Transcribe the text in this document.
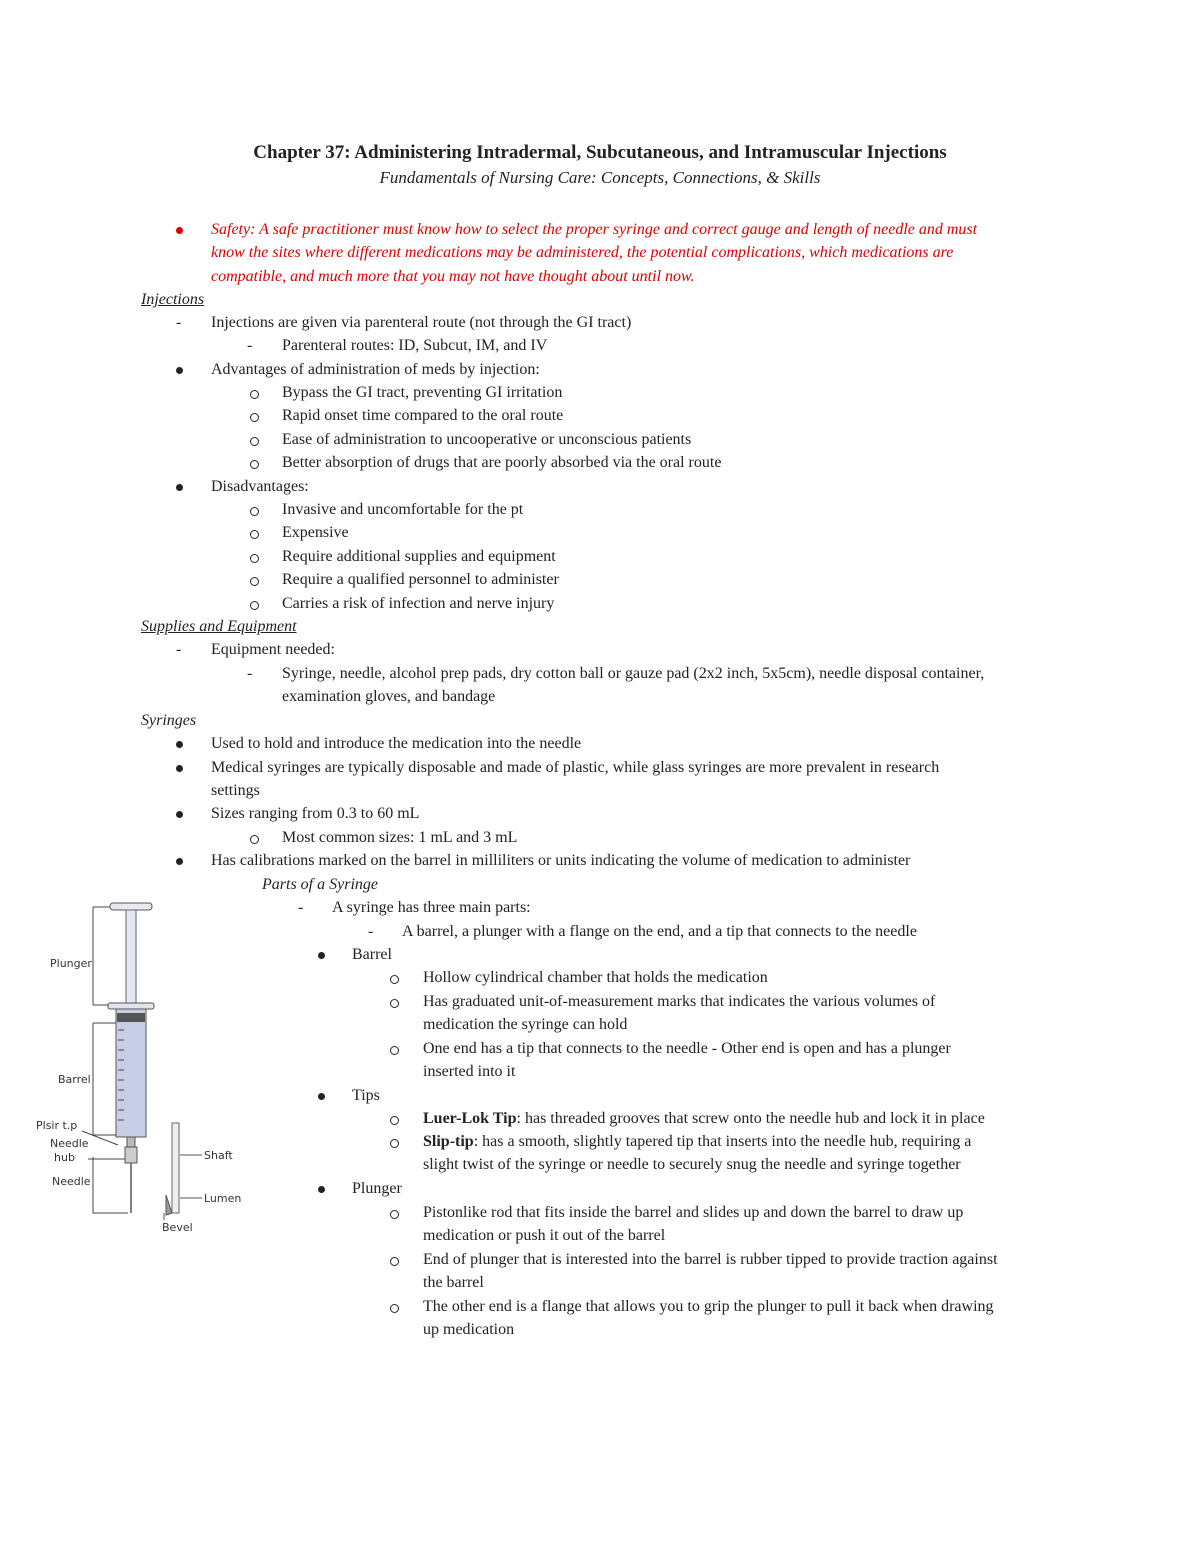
Chapter 37: Administering Intradermal, Subcutaneous, and Intramuscular Injections
Fundamentals of Nursing Care: Concepts, Connections, & Skills
Safety: A safe practitioner must know how to select the proper syringe and correct gauge and length of needle and must
know the sites where different medications may be administered, the potential complications, which medications are
compatible, and much more that you may not have thought about until now.
Injections
- Injections are given via parenteral route (not through the GI tract)
- Parenteral routes: ID, Subcut, IM, and IV
Advantages of administration of meds by injection:
Bypass the GI tract, preventing GI irritation
Rapid onset time compared to the oral route
Ease of administration to uncooperative or unconscious patients
Better absorption of drugs that are poorly absorbed via the oral route
Disadvantages:
Invasive and uncomfortable for the pt
Expensive
Require additional supplies and equipment
Require a qualified personnel to administer
Carries a risk of infection and nerve injury
Supplies and Equipment
- Equipment needed:
- Syringe, needle, alcohol prep pads, dry cotton ball or gauze pad (2x2 inch, 5x5cm), needle disposal container,
examination gloves, and bandage
Syringes
Used to hold and introduce the medication into the needle
Medical syringes are typically disposable and made of plastic, while glass syringes are more prevalent in research
settings
Sizes ranging from 0.3 to 60 mL
Most common sizes: 1 mL and 3 mL
Has calibrations marked on the barrel in milliliters or units indicating the volume of medication to administer
Parts of a Syringe
- A syringe has three main parts:
- A barrel, a plunger with a flange on the end, and a tip that connects to the needle
Barrel
Hollow cylindrical chamber that holds the medication
Has graduated unit-of-measurement marks that indicates the various volumes of
medication the syringe can hold
One end has a tip that connects to the needle - Other end is open and has a plunger
inserted into it
Tips
Luer-Lok Tip: has threaded grooves that screw onto the needle hub and lock it in place
Slip-tip: has a smooth, slightly tapered tip that inserts into the needle hub, requiring a
slight twist of the syringe or needle to securely snug the needle and syringe together
Plunger
Pistonlike rod that fits inside the barrel and slides up and down the barrel to draw up
medication or push it out of the barrel
End of plunger that is interested into the barrel is rubber tipped to provide traction against
the barrel
The other end is a flange that allows you to grip the plunger to pull it back when drawing
up medication
Plunger
Barrel
Plsir t.p
Needle
hub
Needle
Shaft
Lumen
Bevel
